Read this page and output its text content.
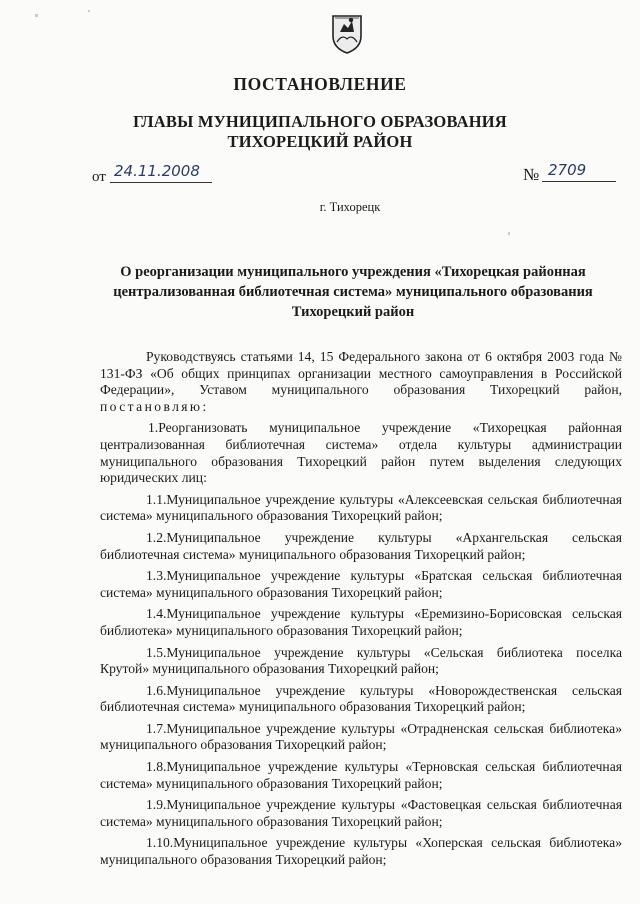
ПОСТАНОВЛЕНИЕ
ГЛАВЫ МУНИЦИПАЛЬНОГО ОБРАЗОВАНИЯ
ТИХОРЕЦКИЙ РАЙОН
от 24.11.2008	№ 2709
г. Тихорецк
О реорганизации муниципального учреждения «Тихорецкая районная централизованная библиотечная система» муниципального образования Тихорецкий район

Руководствуясь статьями 14, 15 Федерального закона от 6 октября 2003 года № 131-ФЗ «Об общих принципах организации местного самоуправления в Российской Федерации», Уставом муниципального образования Тихорецкий район, постановляю:

1.Реорганизовать муниципальное учреждение «Тихорецкая районная централизованная библиотечная система» отдела культуры администрации муниципального образования Тихорецкий район путем выделения следующих юридических лиц:

1.1.Муниципальное учреждение культуры «Алексеевская сельская библиотечная система» муниципального образования Тихорецкий район;

1.2.Муниципальное учреждение культуры «Архангельская сельская библиотечная система» муниципального образования Тихорецкий район;

1.3.Муниципальное учреждение культуры «Братская сельская библиотечная система» муниципального образования Тихорецкий район;

1.4.Муниципальное учреждение культуры «Еремизино-Борисовская сельская библиотека» муниципального образования Тихорецкий район;

1.5.Муниципальное учреждение культуры «Сельская библиотека поселка Крутой» муниципального образования Тихорецкий район;

1.6.Муниципальное учреждение культуры «Новорождественская сельская библиотечная система» муниципального образования Тихорецкий район;

1.7.Муниципальное учреждение культуры «Отрадненская сельская библиотека» муниципального образования Тихорецкий район;

1.8.Муниципальное учреждение культуры «Терновская сельская библиотечная система» муниципального образования Тихорецкий район;

1.9.Муниципальное учреждение культуры «Фастовецкая сельская библиотечная система» муниципального образования Тихорецкий район;

1.10.Муниципальное учреждение культуры «Хоперская сельская библиотека» муниципального образования Тихорецкий район;
